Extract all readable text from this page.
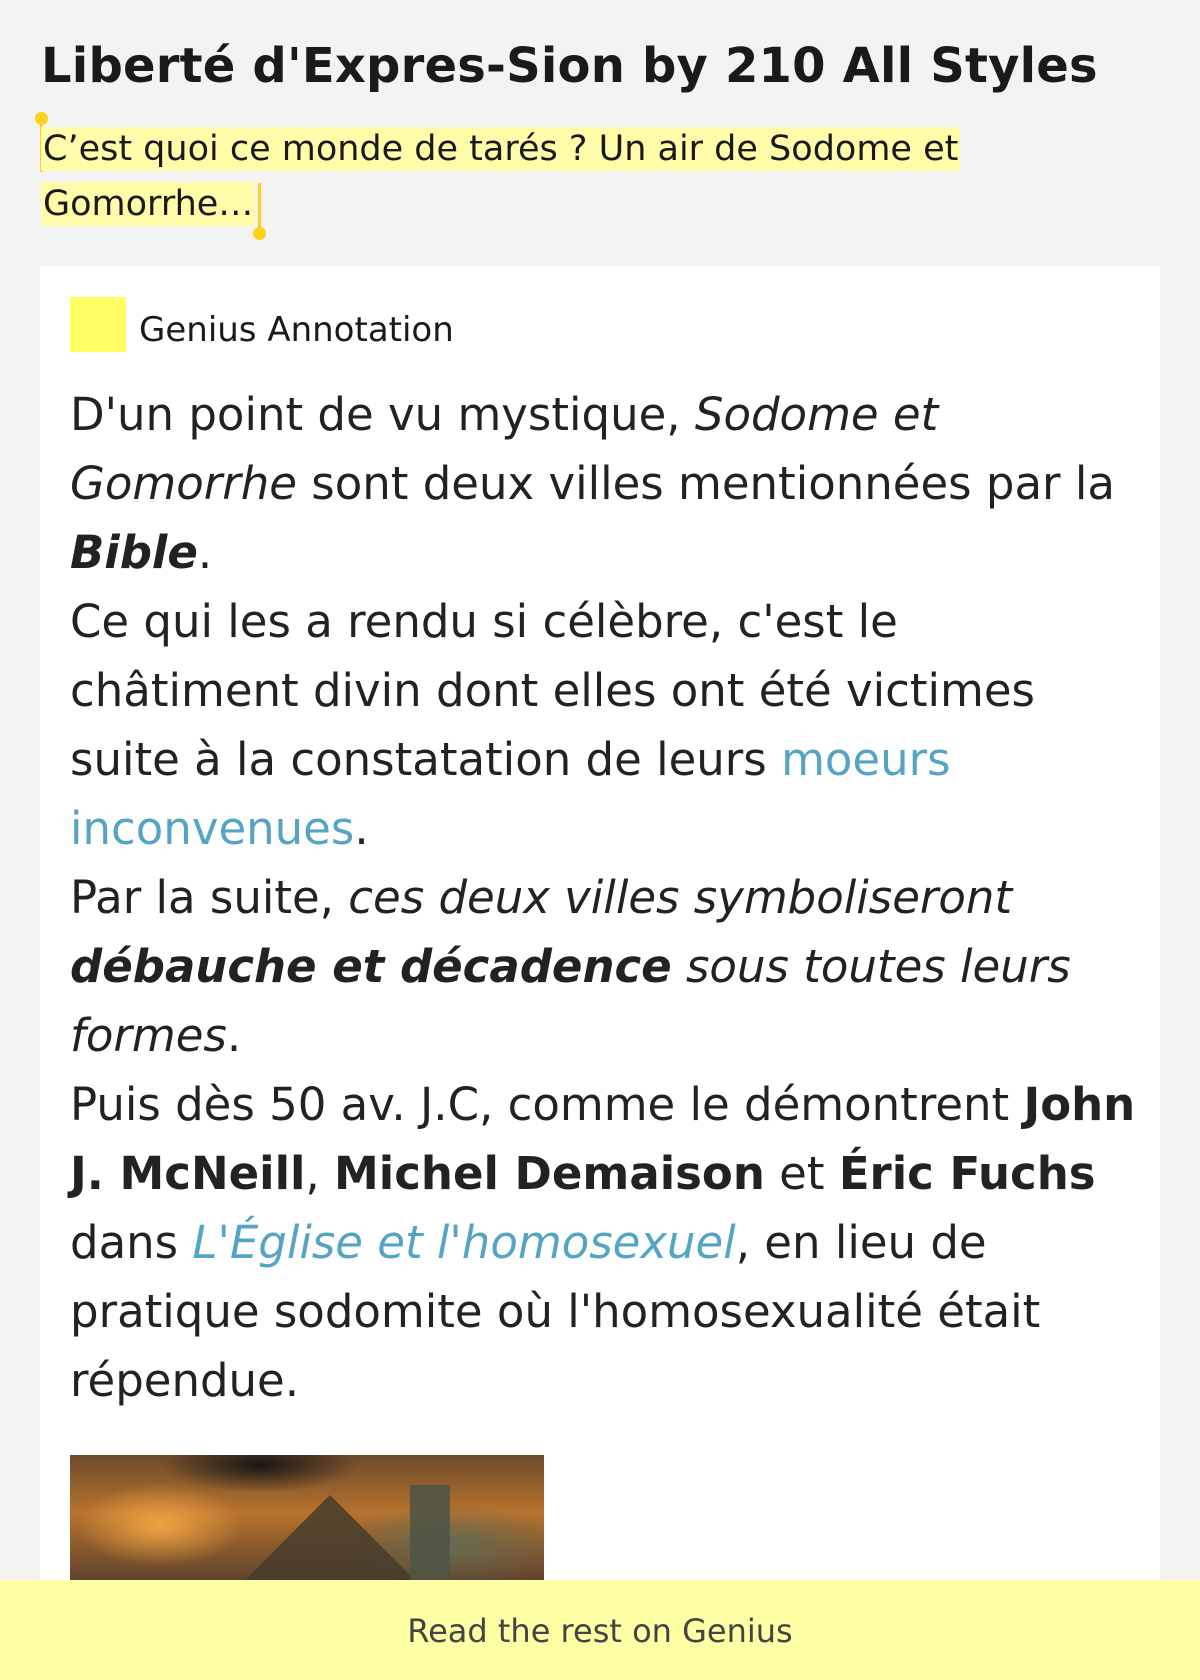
Liberté d'Expres-Sion by 210 All Styles
C’est quoi ce monde de tarés ? Un air de Sodome et Gomorrhe…
Genius Annotation
D'un point de vu mystique, Sodome et Gomorrhe sont deux villes mentionnées par la Bible.
Ce qui les a rendu si célèbre, c'est le châtiment divin dont elles ont été victimes suite à la constatation de leurs moeurs inconvenues.
Par la suite, ces deux villes symboliseront débauche et décadence sous toutes leurs formes.
Puis dès 50 av. J.C, comme le démontrent John J. McNeill, Michel Demaison et Éric Fuchs dans L'Église et l'homosexuel, en lieu de pratique sodomite où l'homosexualité était répendue.
Read the rest on Genius
